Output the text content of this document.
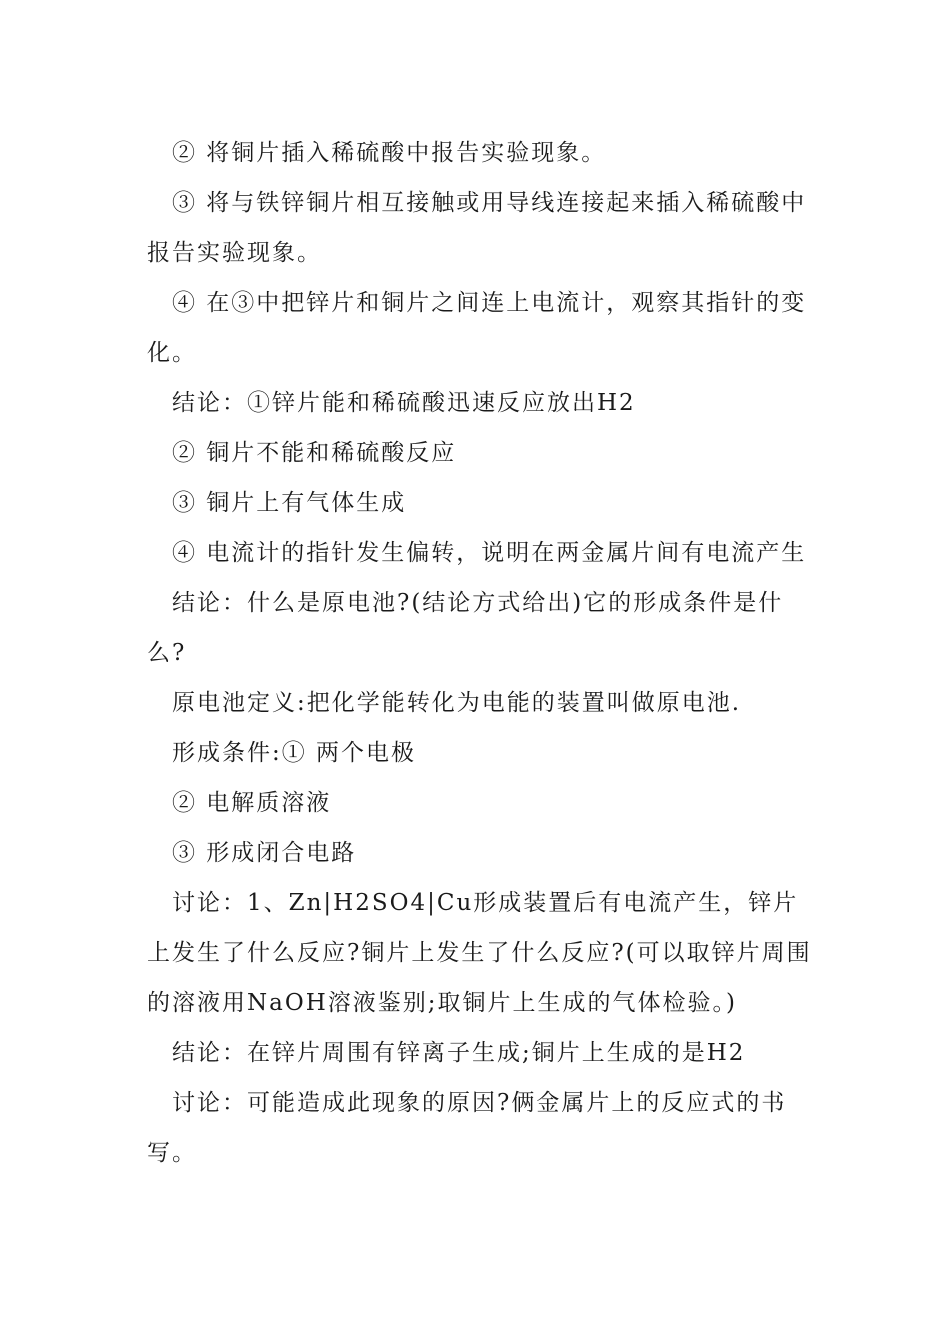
② 将铜片插入稀硫酸中报告实验现象。

③ 将与铁锌铜片相互接触或用导线连接起来插入稀硫酸中报告实验现象。

④ 在③中把锌片和铜片之间连上电流计，观察其指针的变化。

结论：①锌片能和稀硫酸迅速反应放出H2

② 铜片不能和稀硫酸反应

③ 铜片上有气体生成

④ 电流计的指针发生偏转，说明在两金属片间有电流产生

结论：什么是原电池?(结论方式给出)它的形成条件是什么?

原电池定义:把化学能转化为电能的装置叫做原电池.

形成条件:① 两个电极

② 电解质溶液

③ 形成闭合电路

讨论：1、Zn|H2SO4|Cu形成装置后有电流产生，锌片上发生了什么反应?铜片上发生了什么反应?(可以取锌片周围的溶液用NaOH溶液鉴别;取铜片上生成的气体检验。)

结论：在锌片周围有锌离子生成;铜片上生成的是H2

讨论：可能造成此现象的原因?俩金属片上的反应式的书写。
